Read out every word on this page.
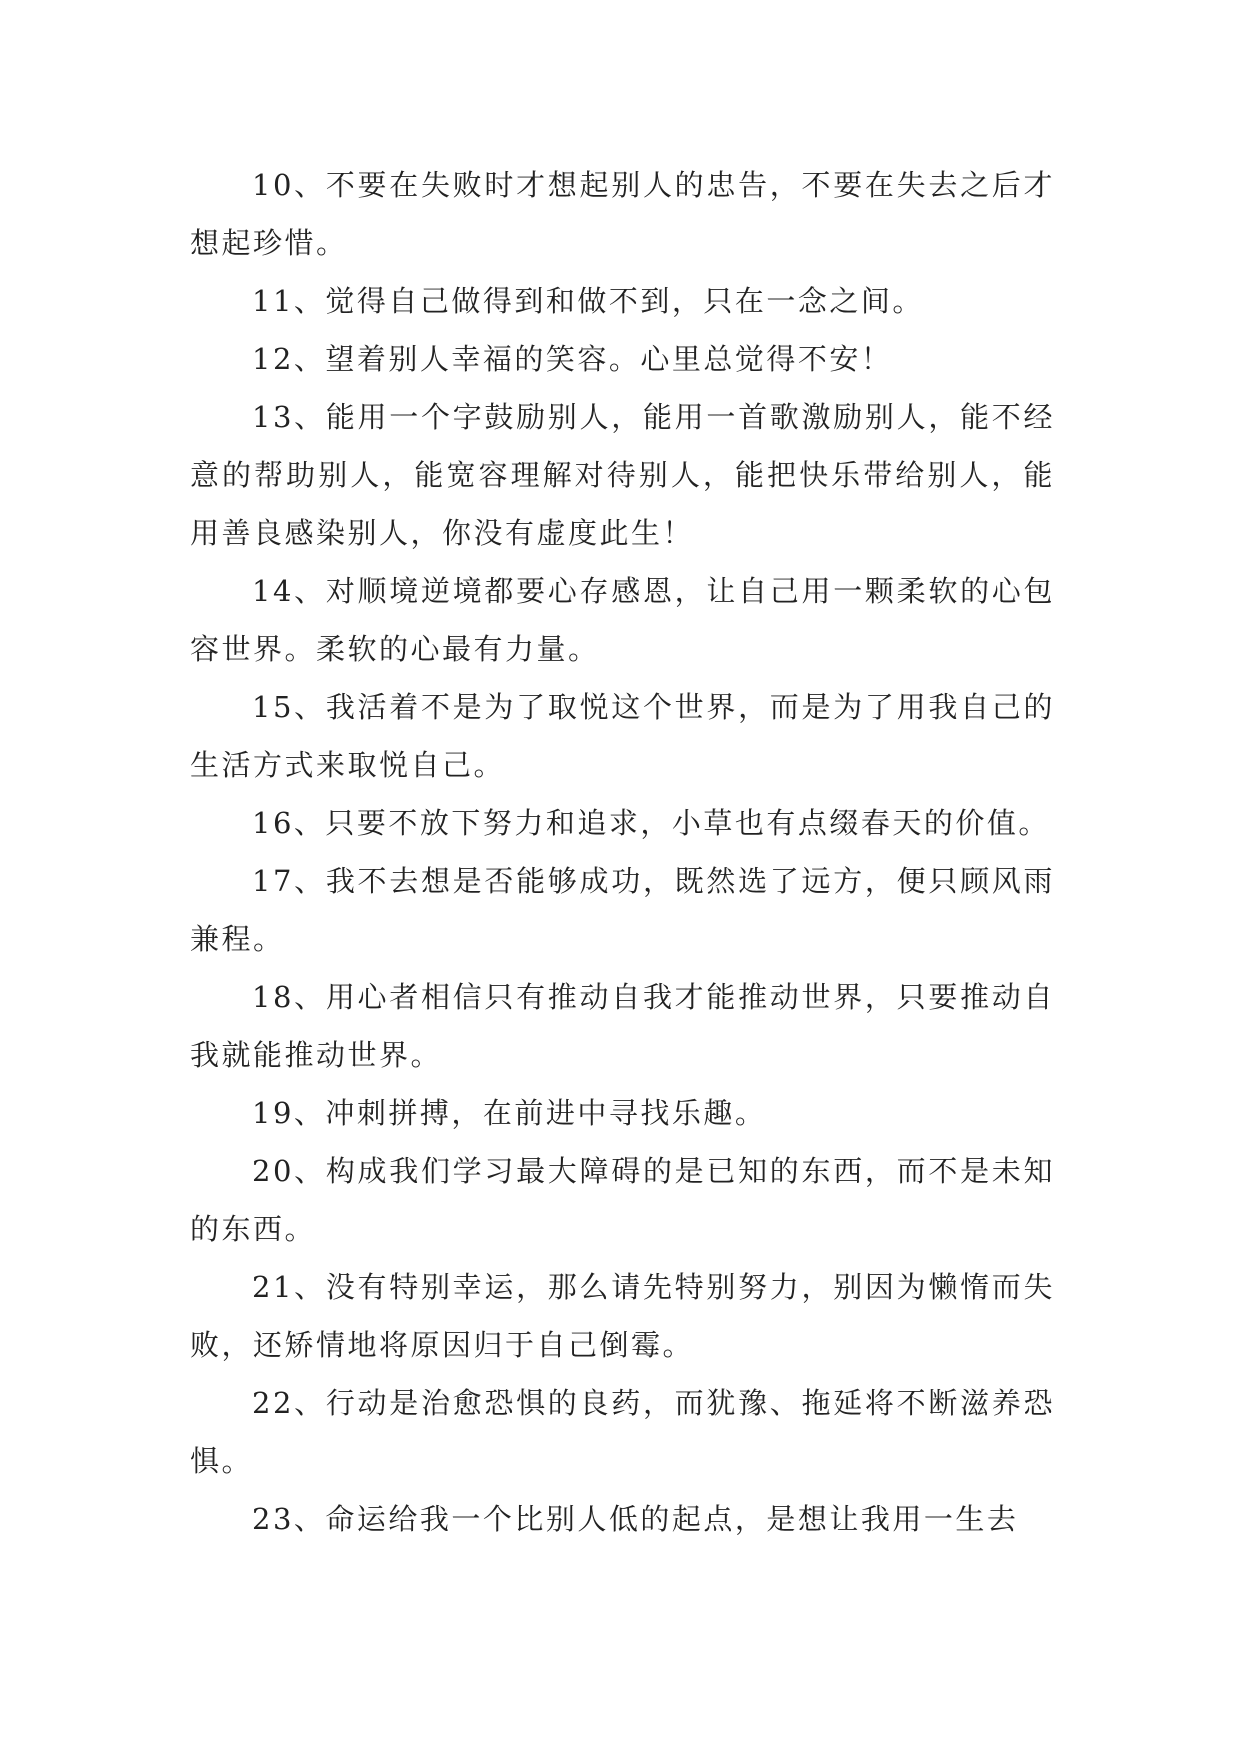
10、不要在失败时才想起别人的忠告，不要在失去之后才想起珍惜。

11、觉得自己做得到和做不到，只在一念之间。

12、望着别人幸福的笑容。心里总觉得不安！

13、能用一个字鼓励别人，能用一首歌激励别人，能不经意的帮助别人，能宽容理解对待别人，能把快乐带给别人，能用善良感染别人，你没有虚度此生！

14、对顺境逆境都要心存感恩，让自己用一颗柔软的心包容世界。柔软的心最有力量。

15、我活着不是为了取悦这个世界，而是为了用我自己的生活方式来取悦自己。

16、只要不放下努力和追求，小草也有点缀春天的价值。

17、我不去想是否能够成功，既然选了远方，便只顾风雨兼程。

18、用心者相信只有推动自我才能推动世界，只要推动自我就能推动世界。

19、冲刺拼搏，在前进中寻找乐趣。

20、构成我们学习最大障碍的是已知的东西，而不是未知的东西。

21、没有特别幸运，那么请先特别努力，别因为懒惰而失败，还矫情地将原因归于自己倒霉。

22、行动是治愈恐惧的良药，而犹豫、拖延将不断滋养恐惧。

23、命运给我一个比别人低的起点，是想让我用一生去
